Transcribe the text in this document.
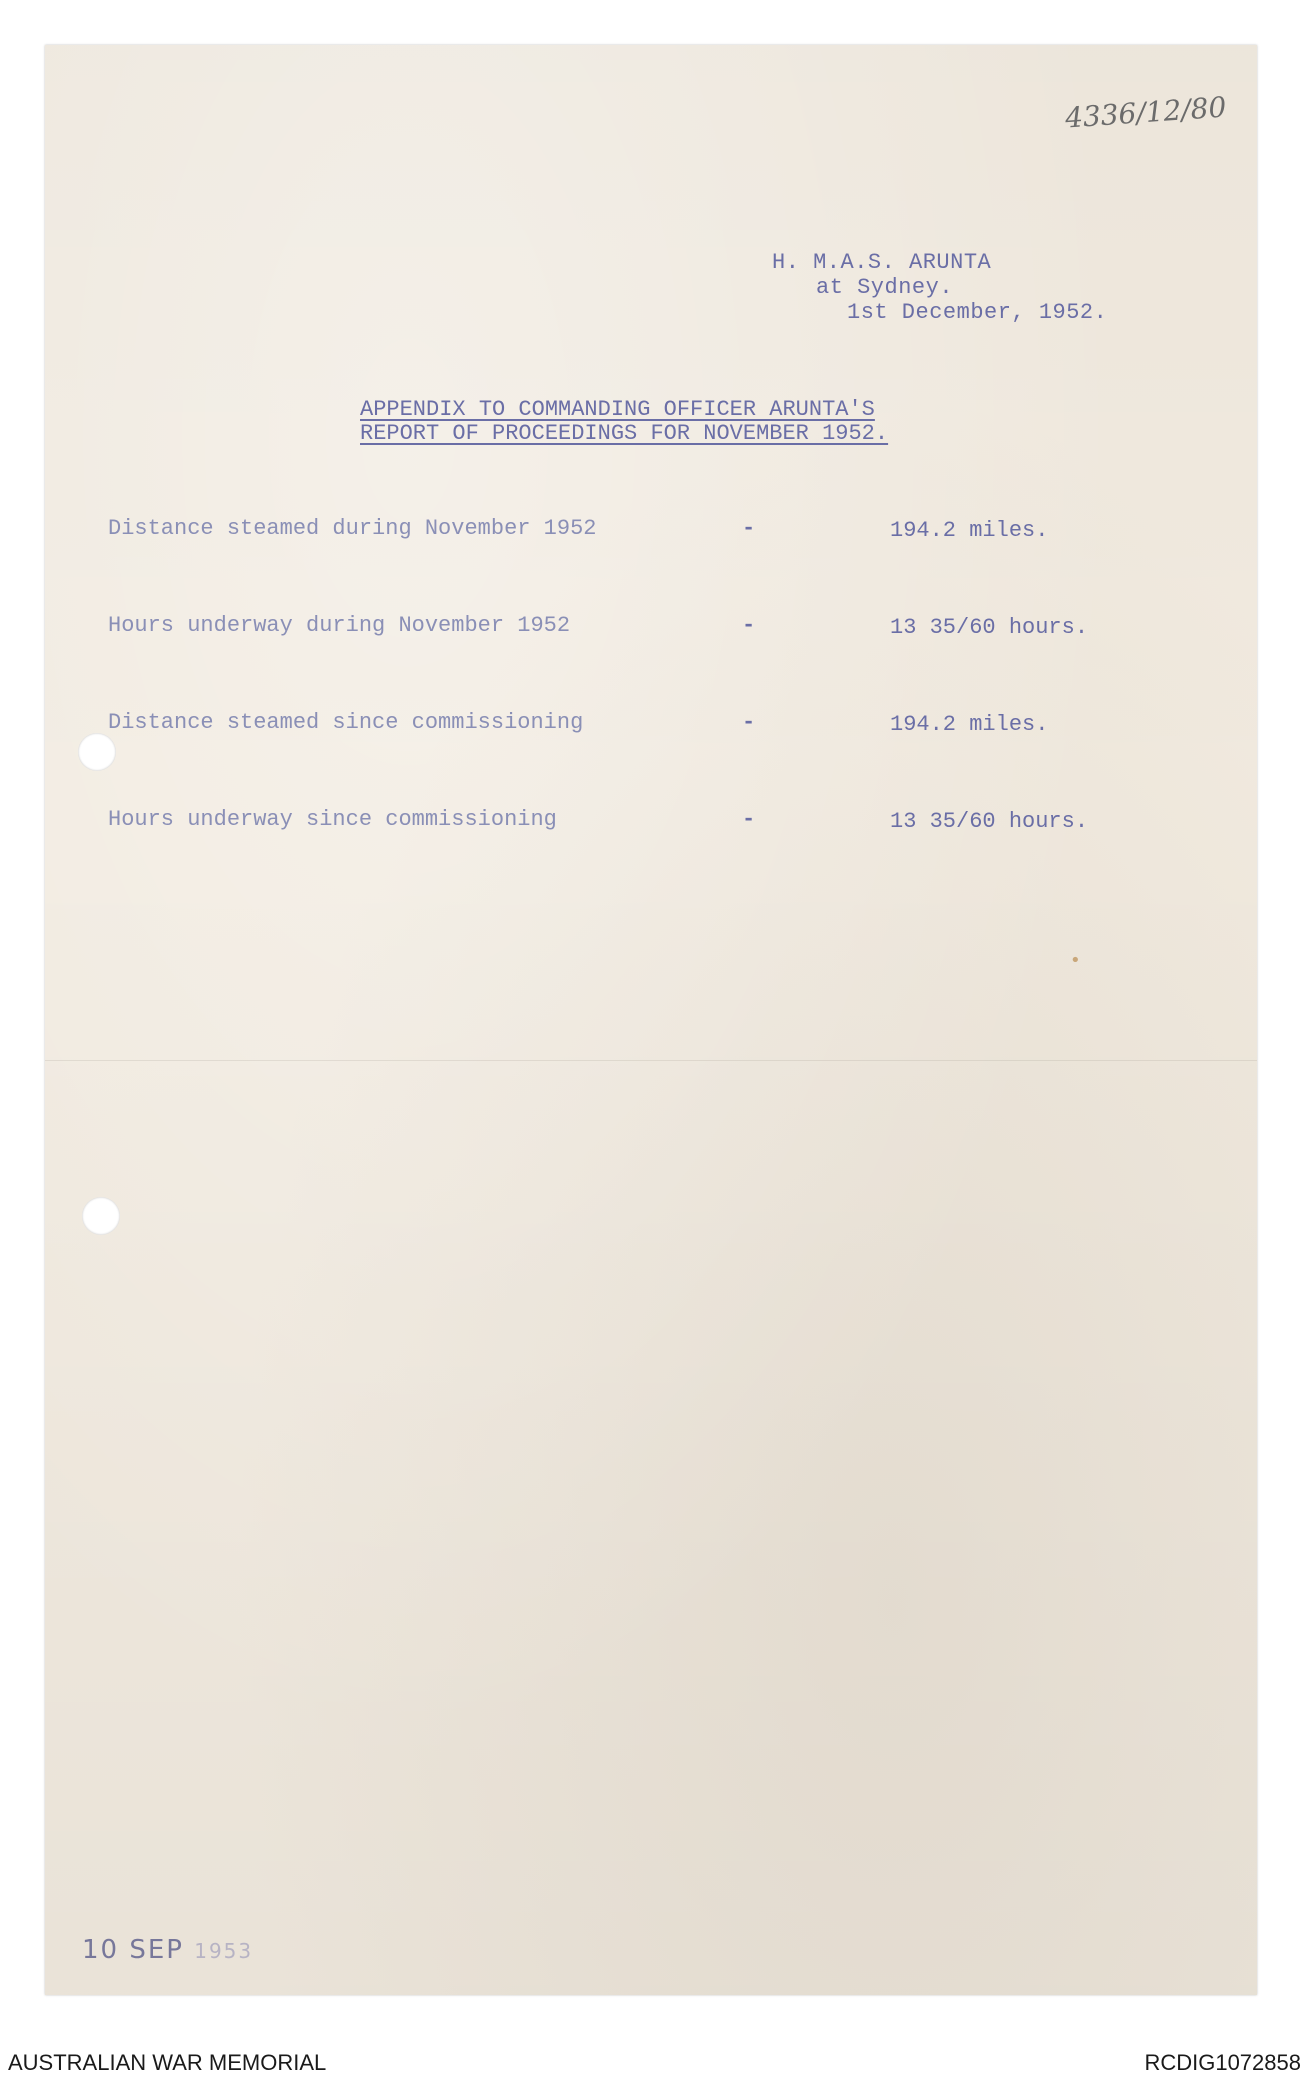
4336/12/80
H. M.A.S. ARUNTA
at Sydney.
1st December, 1952.
APPENDIX TO COMMANDING OFFICER ARUNTA'S
REPORT OF PROCEEDINGS FOR NOVEMBER 1952.
Distance steamed during November 1952	-	194.2 miles.
Hours underway during November 1952	-	13 35/60 hours.
Distance steamed since commissioning	-	194.2 miles.
Hours underway since commissioning	-	13 35/60 hours.
•
10 SEP 1953
AUSTRALIAN WAR MEMORIAL	RCDIG1072858
